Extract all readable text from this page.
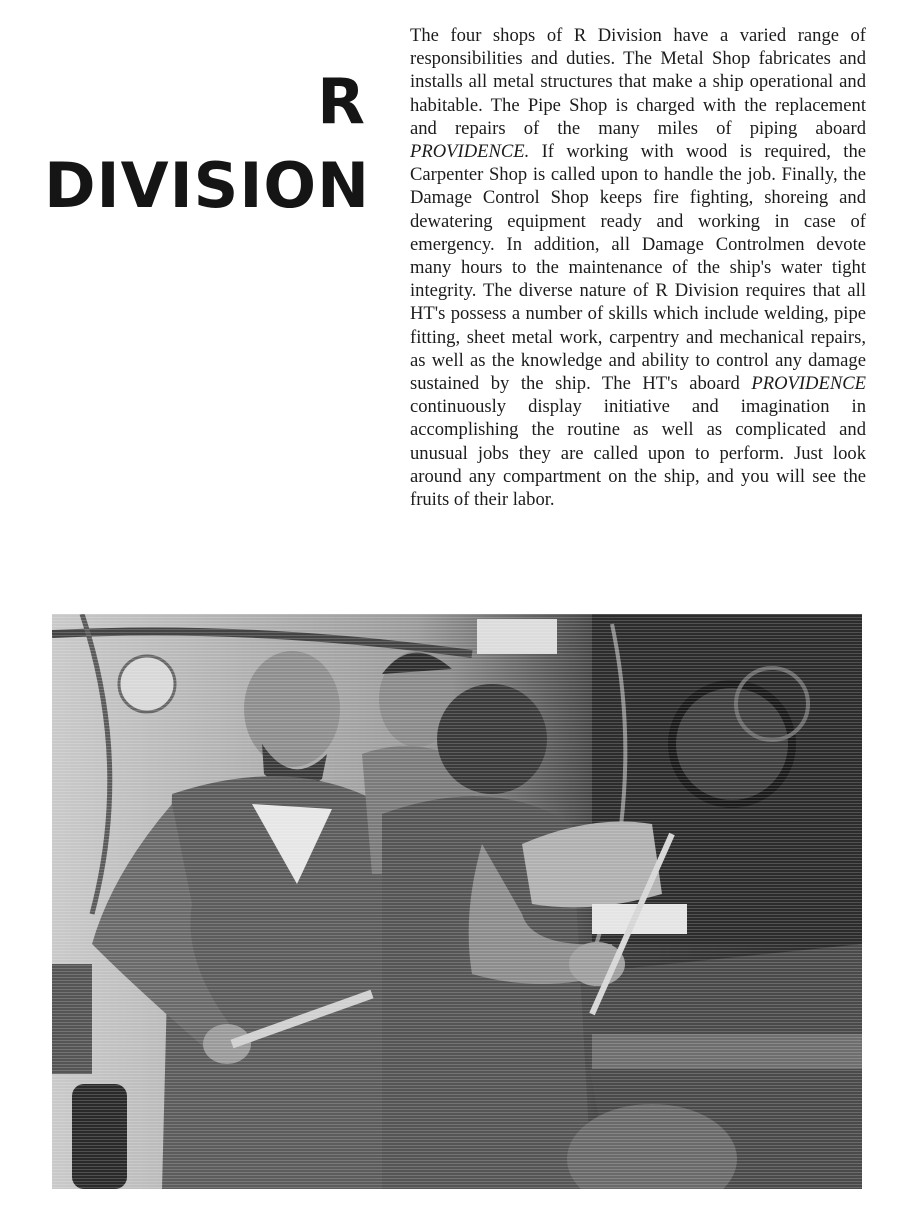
R
DIVISION
The four shops of R Division have a varied range of responsibilities and duties. The Metal Shop fabricates and installs all metal structures that make a ship operational and habitable. The Pipe Shop is charged with the replacement and repairs of the many miles of piping aboard PROVIDENCE. If working with wood is required, the Carpenter Shop is called upon to handle the job. Finally, the Damage Control Shop keeps fire fighting, shoreing and dewatering equipment ready and working in case of emergency. In addition, all Damage Controlmen devote many hours to the maintenance of the ship's water tight integrity. The diverse nature of R Division requires that all HT's possess a number of skills which include welding, pipe fitting, sheet metal work, carpentry and mechanical repairs, as well as the knowledge and ability to control any damage sustained by the ship. The HT's aboard PROVIDENCE continuously display initiative and imagination in accomplishing the routine as well as complicated and unusual jobs they are called upon to perform. Just look around any compartment on the ship, and you will see the fruits of their labor.
